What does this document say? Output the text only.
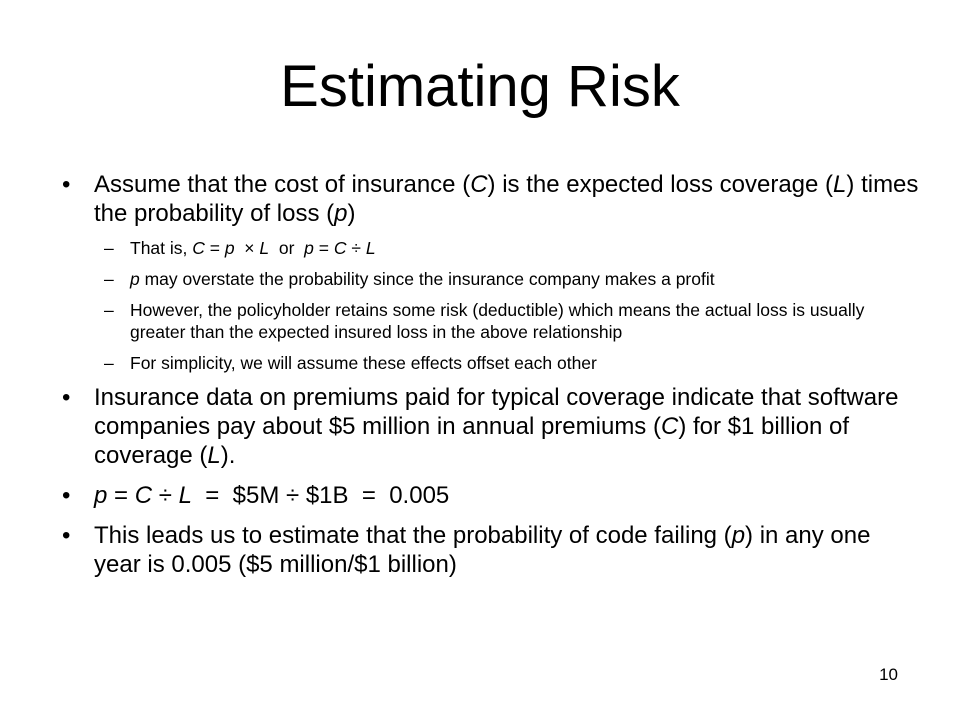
Estimating Risk
• Assume that the cost of insurance (C) is the expected loss coverage (L) times the probability of loss (p)
– That is, C = p  × L  or  p = C ÷ L
– p may overstate the probability since the insurance company makes a profit
– However, the policyholder retains some risk (deductible) which means the actual loss is usually greater than the expected insured loss in the above relationship
– For simplicity, we will assume these effects offset each other
• Insurance data on premiums paid for typical coverage indicate that software companies pay about $5 million in annual premiums (C) for $1 billion of coverage (L).
• p = C ÷ L  =  $5M ÷ $1B  =  0.005
• This leads us to estimate that the probability of code failing (p) in any one year is 0.005 ($5 million/$1 billion)
10
